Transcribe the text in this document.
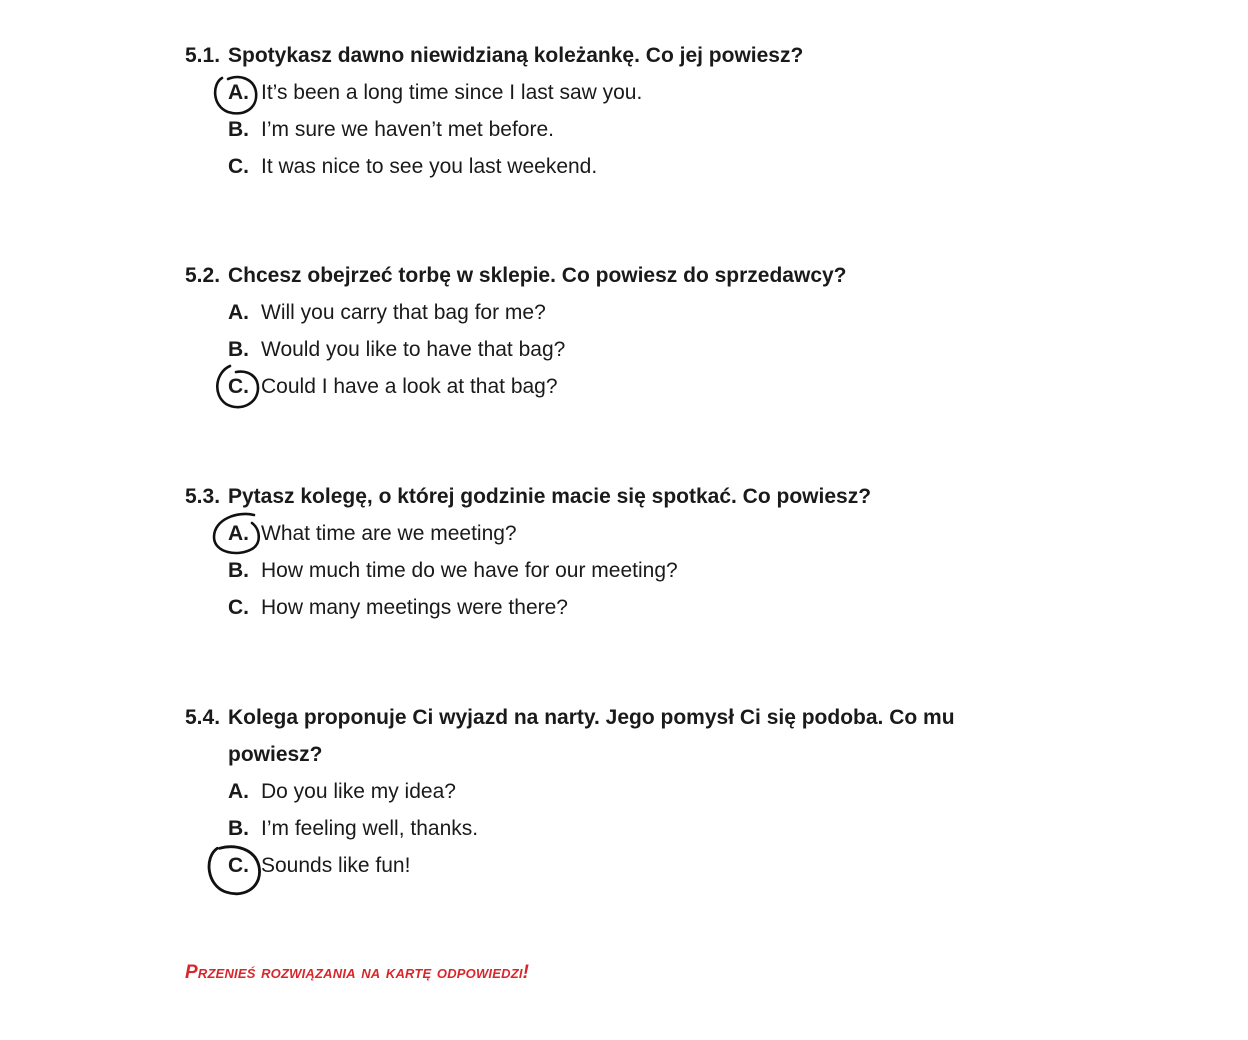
5.1. Spotykasz dawno niewidzianą koleżankę. Co jej powiesz?
A. It’s been a long time since I last saw you.
B. I’m sure we haven’t met before.
C. It was nice to see you last weekend.
5.2. Chcesz obejrzeć torbę w sklepie. Co powiesz do sprzedawcy?
A. Will you carry that bag for me?
B. Would you like to have that bag?
C. Could I have a look at that bag?
5.3. Pytasz kolegę, o której godzinie macie się spotkać. Co powiesz?
A. What time are we meeting?
B. How much time do we have for our meeting?
C. How many meetings were there?
5.4. Kolega proponuje Ci wyjazd na narty. Jego pomysł Ci się podoba. Co mu powiesz?
A. Do you like my idea?
B. I’m feeling well, thanks.
C. Sounds like fun!
Przenieś rozwiązania na kartę odpowiedzi!
